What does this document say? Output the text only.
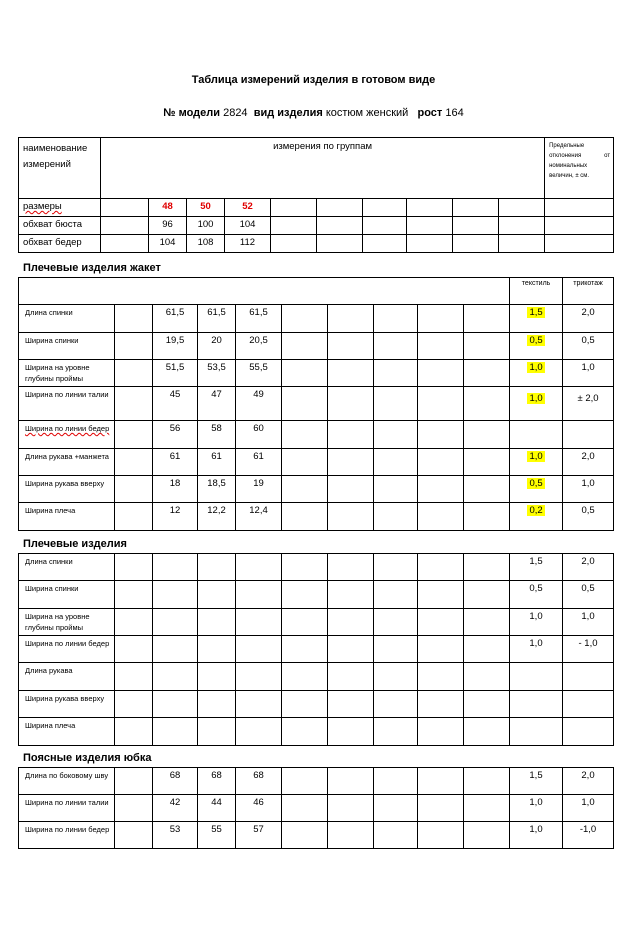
Таблица измерений изделия в готовом виде
№ модели 2824 вид изделия костюм женский рост 164
наименование измерений	измерения по группам										Предельные отклонения от номинальных величин, ± см.
размеры		48	50	52							
обхват бюста		96	100	104							
обхват бедер		104	108	112							
Плечевые изделия жакет
										текстиль	трикотаж
Длина спинки		61,5	61,5	61,5						1,5	2,0
Ширина спинки		19,5	20	20,5						0,5	0,5
Ширина на уровне глубины проймы		51,5	53,5	55,5						1,0	1,0
Ширина по линии талии		45	47	49						1,0	± 2,0
Ширина по линии бедер		56	58	60							
Длина рукава +манжета		61	61	61						1,0	2,0
Ширина рукава вверху		18	18,5	19						0,5	1,0
Ширина плеча		12	12,2	12,4						0,2	0,5
Плечевые изделия
Длина спинки										1,5	2,0
Ширина спинки										0,5	0,5
Ширина на уровне глубины проймы										1,0	1,0
Ширина по линии бедер										1,0	- 1,0
Длина рукава											
Ширина рукава вверху											
Ширина плеча											
Поясные изделия юбка
Длина по боковому шву		68	68	68						1,5	2,0
Ширина по линии талии		42	44	46						1,0	1,0
Ширина по линии бедер		53	55	57						1,0	-1,0
